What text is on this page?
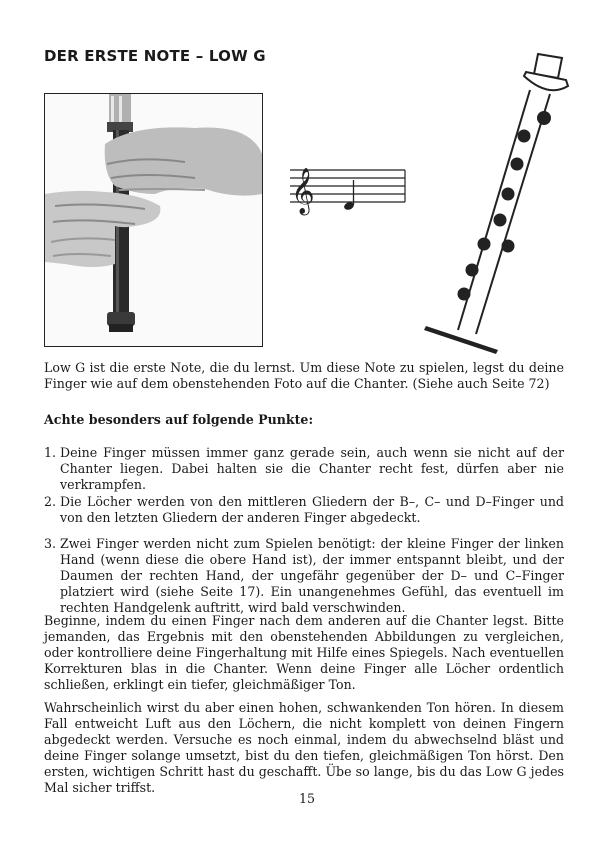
DER ERSTE NOTE – LOW G
𝄞

Low G ist die erste Note, die du lernst. Um diese Note zu spielen, legst du deine Finger wie auf dem obenstehenden Foto auf die Chanter. (Siehe auch Seite 72)

Achte besonders auf folgende Punkte:
1. Deine Finger müssen immer ganz gerade sein, auch wenn sie nicht auf der Chanter liegen. Dabei halten sie die Chanter recht fest, dürfen aber nie verkrampfen.
2. Die Löcher werden von den mittleren Gliedern der B–, C– und D–Finger und von den letzten Gliedern der anderen Finger abgedeckt.
3. Zwei Finger werden nicht zum Spielen benötigt: der kleine Finger der linken Hand (wenn diese die obere Hand ist), der immer entspannt bleibt, und der Daumen der rechten Hand, der ungefähr gegenüber der D– und C–Finger platziert wird (siehe Seite 17). Ein unangenehmes Gefühl, das eventuell im rechten Handgelenk auftritt, wird bald verschwinden.

Beginne, indem du einen Finger nach dem anderen auf die Chanter legst. Bitte jemanden, das Ergebnis mit den obenstehenden Abbildungen zu vergleichen, oder kontrolliere deine Fingerhaltung mit Hilfe eines Spiegels. Nach eventuellen Korrekturen blas in die Chanter. Wenn deine Finger alle Löcher ordentlich schließen, erklingt ein tiefer, gleichmäßiger Ton.

Wahrscheinlich wirst du aber einen hohen, schwankenden Ton hören. In diesem Fall entweicht Luft aus den Löchern, die nicht komplett von deinen Fingern abgedeckt werden. Versuche es noch einmal, indem du abwechselnd bläst und deine Finger solange umsetzt, bist du den tiefen, gleichmäßigen Ton hörst. Den ersten, wichtigen Schritt hast du geschafft. Übe so lange, bis du das Low G jedes Mal sicher triffst.

15
